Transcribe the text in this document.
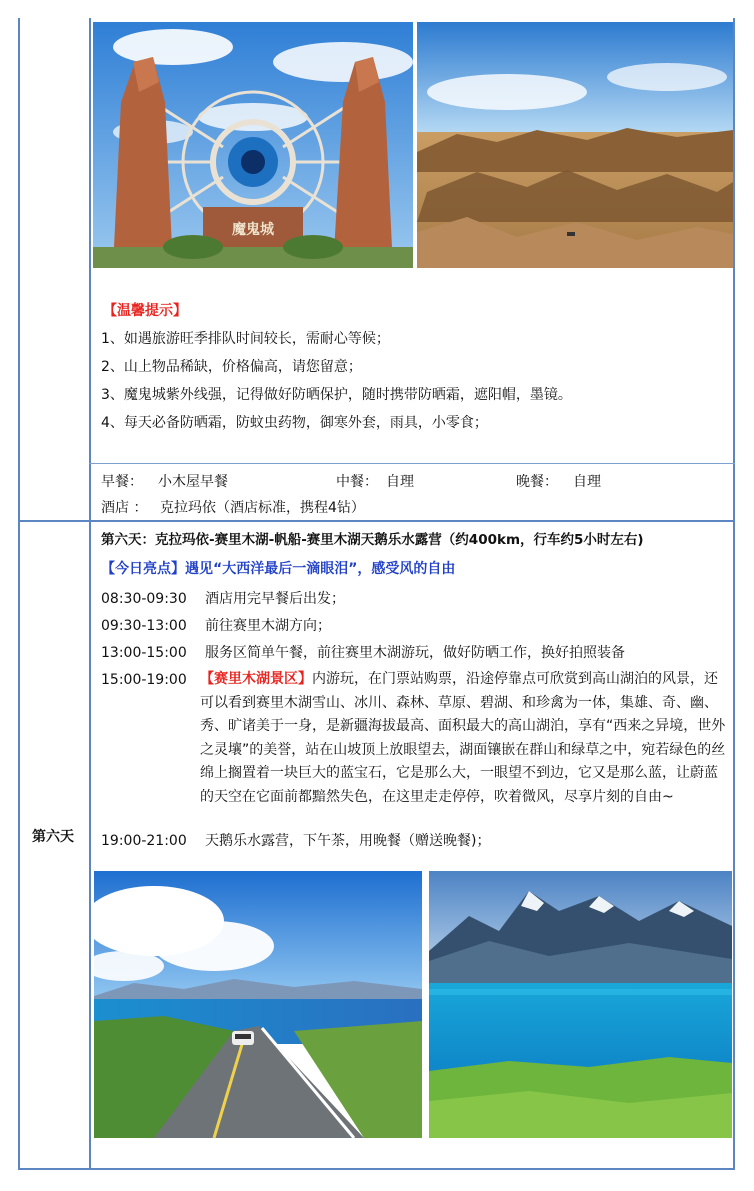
魔鬼城
【温馨提示】
1、如遇旅游旺季排队时间较长，需耐心等候；
2、山上物品稀缺，价格偏高，请您留意；
3、魔鬼城紫外线强，记得做好防晒保护，随时携带防晒霜，遮阳帽，墨镜。
4、每天必备防晒霜，防蚊虫药物，御寒外套，雨具，小零食；
早餐： 小木屋早餐	中餐： 自理	晚餐： 自理
酒店 ： 克拉玛依（酒店标准，携程4钻）
第六天
第六天：克拉玛依-赛里木湖-帆船-赛里木湖天鹅乐水露营（约400km，行车约5小时左右)
【今日亮点】遇见“大西洋最后一滴眼泪”，感受风的自由
08:30-09:30 酒店用完早餐后出发；
09:30-13:00 前往赛里木湖方向；
13:00-15:00 服务区简单午餐，前往赛里木湖游玩，做好防晒工作，换好拍照装备
15:00-19:00 【赛里木湖景区】内游玩，在门票站购票，沿途停靠点可欣赏到高山湖泊的风景，还可以看到赛里木湖雪山、冰川、森林、草原、碧湖、和珍禽为一体，集雄、奇、幽、秀、旷诸美于一身，是新疆海拔最高、面积最大的高山湖泊，享有“西来之异境，世外之灵壤”的美誉，站在山坡顶上放眼望去，湖面镶嵌在群山和绿草之中，宛若绿色的丝绵上搁置着一块巨大的蓝宝石，它是那么大，一眼望不到边，它又是那么蓝，让蔚蓝的天空在它面前都黯然失色，在这里走走停停，吹着微风，尽享片刻的自由~
19:00-21:00 天鹅乐水露营，下午茶，用晚餐（赠送晚餐)；
